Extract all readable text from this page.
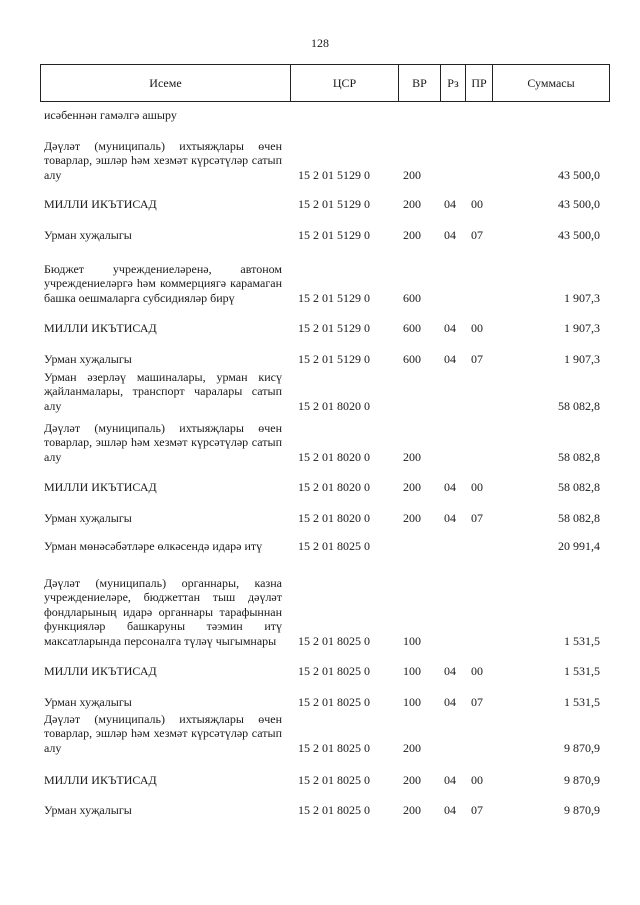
128
Исеме	ЦСР	ВР	Рз	ПР	Суммасы
исәбеннән гамәлгә ашыру
Дәүләт (муниципаль) ихтыяҗлары өчен товарлар, эшләр һәм хезмәт күрсәтүләр сатып алу	15 2 01 5129 0	200	43 500,0
МИЛЛИ ИКЪТИСАД	15 2 01 5129 0	200 04 00	43 500,0
Урман хуҗалыгы	15 2 01 5129 0	200 04 07	43 500,0
Бюджет учреждениеләренә, автоном учреждениеләргә һәм коммерциягә карамаган башка оешмаларга субсидияләр бирү	15 2 01 5129 0	600	1 907,3
МИЛЛИ ИКЪТИСАД	15 2 01 5129 0	600 04 00	1 907,3
Урман хуҗалыгы	15 2 01 5129 0	600 04 07	1 907,3
Урман әзерләү машиналары, урман кисү җайланмалары, транспорт чаралары сатып алу	15 2 01 8020 0	58 082,8
Дәүләт (муниципаль) ихтыяҗлары өчен товарлар, эшләр һәм хезмәт күрсәтүләр сатып алу	15 2 01 8020 0	200	58 082,8
МИЛЛИ ИКЪТИСАД	15 2 01 8020 0	200 04 00	58 082,8
Урман хуҗалыгы	15 2 01 8020 0	200 04 07	58 082,8
Урман мөнәсәбәтләре өлкәсендә идарә итү	15 2 01 8025 0	20 991,4
Дәүләт (муниципаль) органнары, казна учреждениеләре, бюджеттан тыш дәүләт фондларының идарә органнары тарафыннан функцияләр башкаруны тәэмин итү максатларында персоналга түләү чыгымнары	15 2 01 8025 0	100	1 531,5
МИЛЛИ ИКЪТИСАД	15 2 01 8025 0	100 04 00	1 531,5
Урман хуҗалыгы	15 2 01 8025 0	100 04 07	1 531,5
Дәүләт (муниципаль) ихтыяҗлары өчен товарлар, эшләр һәм хезмәт күрсәтүләр сатып алу	15 2 01 8025 0	200	9 870,9
МИЛЛИ ИКЪТИСАД	15 2 01 8025 0	200 04 00	9 870,9
Урман хуҗалыгы	15 2 01 8025 0	200 04 07	9 870,9
